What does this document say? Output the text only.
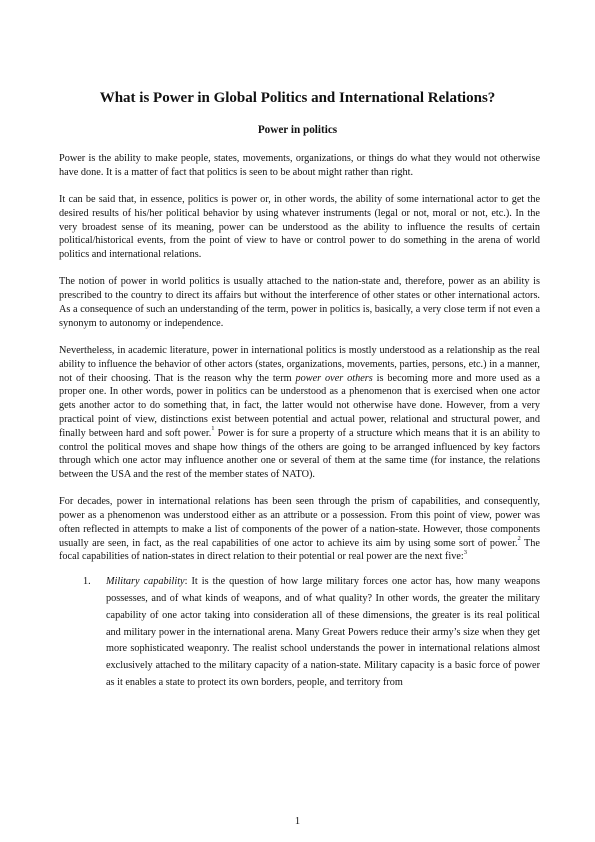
What is Power in Global Politics and International Relations?
Power in politics

Power is the ability to make people, states, movements, organizations, or things do what they would not otherwise have done. It is a matter of fact that politics is seen to be about might rather than right.

It can be said that, in essence, politics is power or, in other words, the ability of some international actor to get the desired results of his/her political behavior by using whatever instruments (legal or not, moral or not, etc.). In the very broadest sense of its meaning, power can be understood as the ability to influence the results of certain political/historical events, from the point of view to have or control power to do something in the arena of world politics and international relations.

The notion of power in world politics is usually attached to the nation-state and, therefore, power as an ability is prescribed to the country to direct its affairs but without the interference of other states or other international actors. As a consequence of such an understanding of the term, power in politics is, basically, a very close term if not even a synonym to autonomy or independence.

Nevertheless, in academic literature, power in international politics is mostly understood as a relationship as the real ability to influence the behavior of other actors (states, organizations, movements, parties, persons, etc.) in a manner, not of their choosing. That is the reason why the term power over others is becoming more and more used as a proper one. In other words, power in politics can be understood as a phenomenon that is exercised when one actor gets another actor to do something that, in fact, the latter would not otherwise have done. However, from a very practical point of view, distinctions exist between potential and actual power, relational and structural power, and finally between hard and soft power.$^1$ Power is for sure a property of a structure which means that it is an ability to control the political moves and shape how things of the others are going to be arranged influenced by key factors through which one actor may influence another one or several of them at the same time (for instance, the relations between the USA and the rest of the member states of NATO).

For decades, power in international relations has been seen through the prism of capabilities, and consequently, power as a phenomenon was understood either as an attribute or a possession. From this point of view, power was often reflected in attempts to make a list of components of the power of a nation-state. However, those components usually are seen, in fact, as the real capabilities of one actor to achieve its aim by using some sort of power.$^2$ The focal capabilities of nation-states in direct relation to their potential or real power are the next five:$^3$

1. Military capability: It is the question of how large military forces one actor has, how many weapons possesses, and of what kinds of weapons, and of what quality? In other words, the greater the military capability of one actor taking into consideration all of these dimensions, the greater is its real political and military power in the international arena. Many Great Powers reduce their army’s size when they get more sophisticated weaponry. The realist school understands the power in international relations almost exclusively attached to the military capacity of a nation-state. Military capacity is a basic force of power as it enables a state to protect its own borders, people, and territory from
1
